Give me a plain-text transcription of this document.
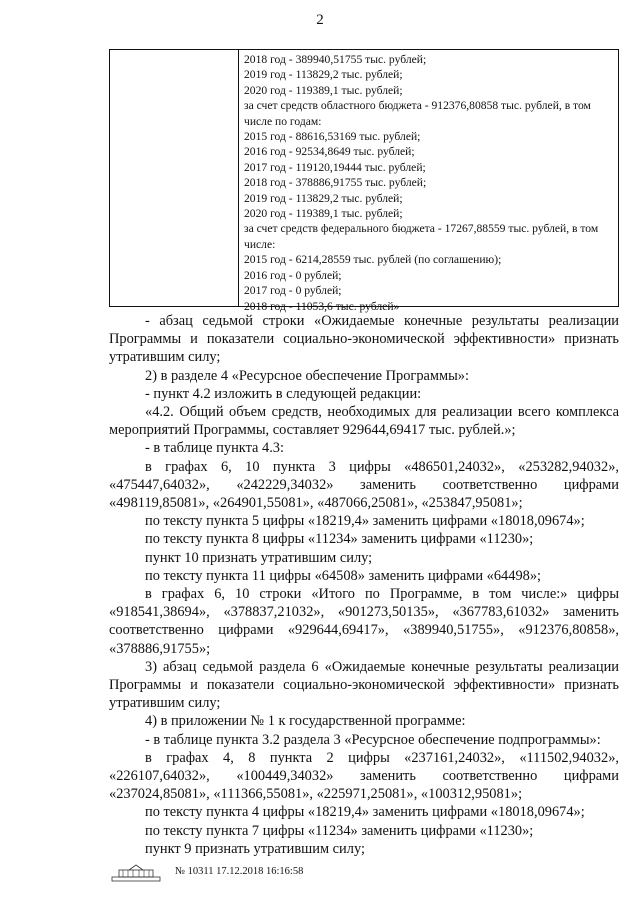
2
2018 год - 389940,51755 тыс. рублей;
2019 год - 113829,2 тыс. рублей;
2020 год - 119389,1 тыс. рублей;
за счет средств областного бюджета - 912376,80858 тыс. рублей, в том числе по годам:
2015 год - 88616,53169 тыс. рублей;
2016 год - 92534,8649 тыс. рублей;
2017 год - 119120,19444 тыс. рублей;
2018 год - 378886,91755 тыс. рублей;
2019 год - 113829,2 тыс. рублей;
2020 год - 119389,1 тыс. рублей;
за счет средств федерального бюджета - 17267,88559 тыс. рублей, в том числе:
2015 год - 6214,28559 тыс. рублей (по соглашению);
2016 год - 0 рублей;
2017 год - 0 рублей;
2018 год - 11053,6 тыс. рублей»

- абзац седьмой строки «Ожидаемые конечные результаты реализации Программы и показатели социально-экономической эффективности» признать утратившим силу;

2) в разделе 4 «Ресурсное обеспечение Программы»:

- пункт 4.2 изложить в следующей редакции:

«4.2. Общий объем средств, необходимых для реализации всего комплекса мероприятий Программы, составляет 929644,69417 тыс. рублей.»;

- в таблице пункта 4.3:

в графах 6, 10 пункта 3 цифры «486501,24032», «253282,94032», «475447,64032», «242229,34032» заменить соответственно цифрами «498119,85081», «264901,55081», «487066,25081», «253847,95081»;

по тексту пункта 5 цифры «18219,4» заменить цифрами «18018,09674»;

по тексту пункта 8 цифры «11234» заменить цифрами «11230»;

пункт 10 признать утратившим силу;

по тексту пункта 11 цифры «64508» заменить цифрами «64498»;

в графах 6, 10 строки «Итого по Программе, в том числе:» цифры «918541,38694», «378837,21032», «901273,50135», «367783,61032» заменить соответственно цифрами «929644,69417», «389940,51755», «912376,80858», «378886,91755»;

3) абзац седьмой раздела 6 «Ожидаемые конечные результаты реализации Программы и показатели социально-экономической эффективности» признать утратившим силу;

4) в приложении № 1 к государственной программе:

- в таблице пункта 3.2 раздела 3 «Ресурсное обеспечение подпрограммы»:

в графах 4, 8 пункта 2 цифры «237161,24032», «111502,94032», «226107,64032», «100449,34032» заменить соответственно цифрами «237024,85081», «111366,55081», «225971,25081», «100312,95081»;

по тексту пункта 4 цифры «18219,4» заменить цифрами «18018,09674»;

по тексту пункта 7 цифры «11234» заменить цифрами «11230»;

пункт 9 признать утратившим силу;

№ 10311 17.12.2018 16:16:58
